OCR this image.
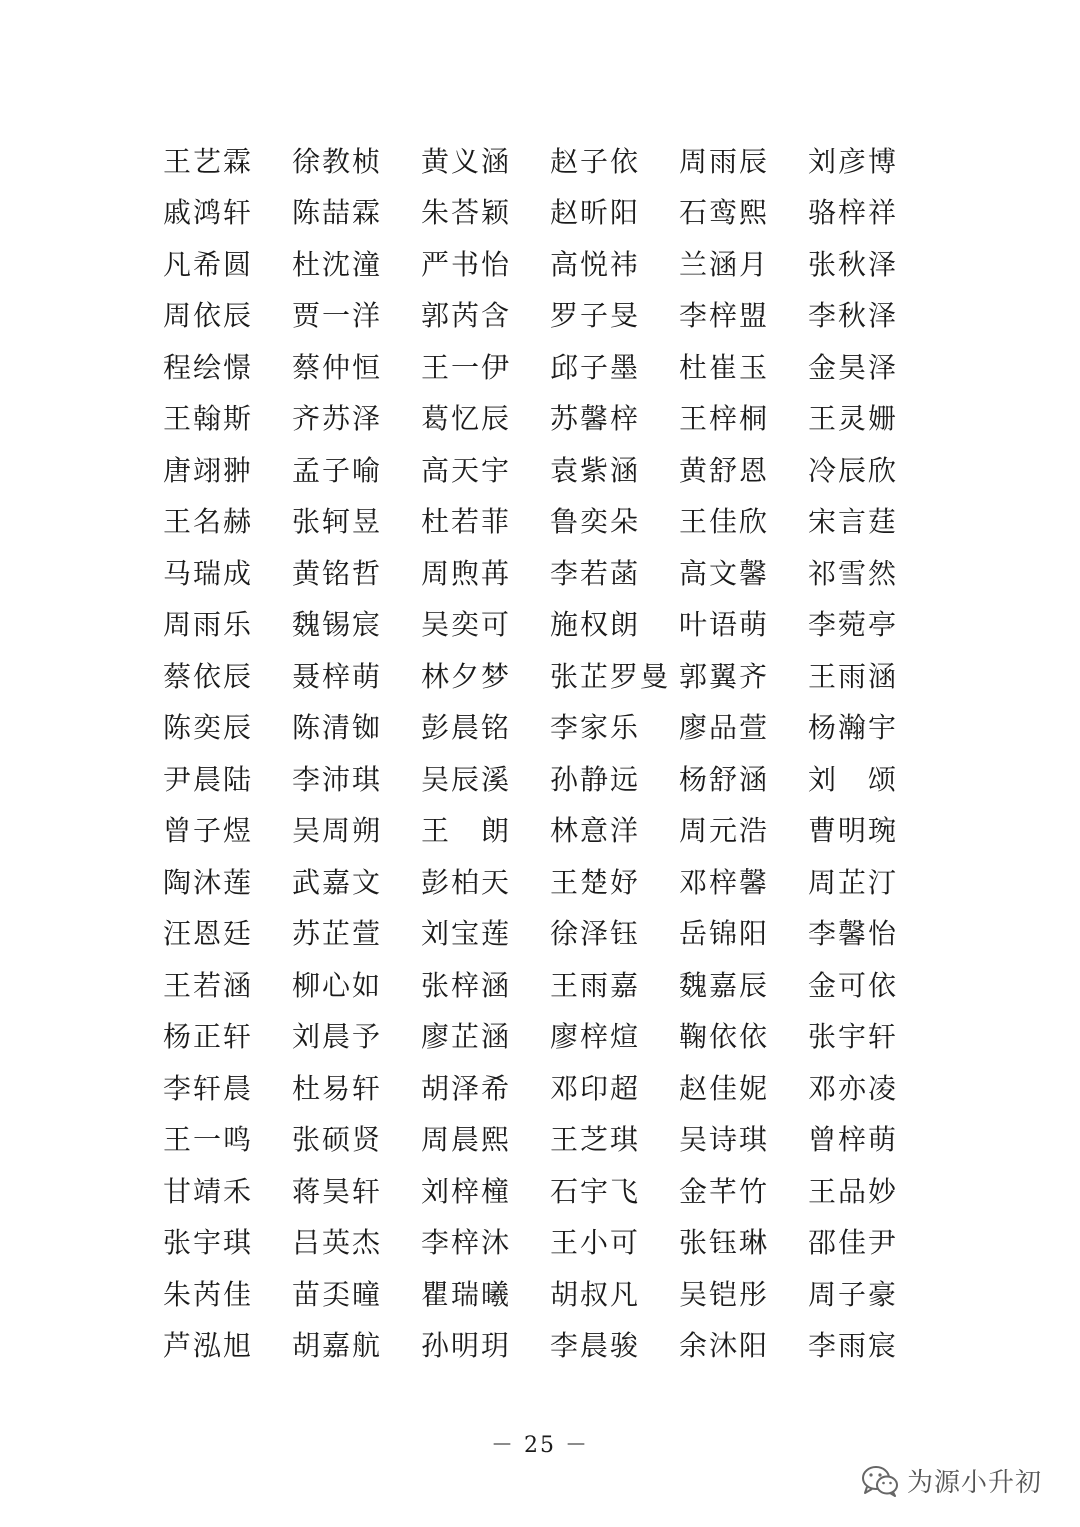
王艺霖	徐教桢	黄义涵	赵子依	周雨辰	刘彦博
戚鸿轩	陈喆霖	朱荅颖	赵昕阳	石鸾熙	骆梓祥
凡希圆	杜沈潼	严书怡	高悦祎	兰涵月	张秋泽
周依辰	贾一洋	郭芮含	罗子旻	李梓盟	李秋泽
程绘憬	蔡仲恒	王一伊	邱子墨	杜崔玉	金昊泽
王翰斯	齐苏泽	葛忆辰	苏馨梓	王梓桐	王灵姗
唐翊翀	孟子喻	高天宇	袁紫涵	黄舒恩	冷辰欣
王名赫	张轲昱	杜若菲	鲁奕朵	王佳欣	宋言莛
马瑞成	黄铭哲	周煦苒	李若菡	高文馨	祁雪然
周雨乐	魏锡宸	吴奕可	施权朗	叶语萌	李菀亭
蔡依辰	聂梓萌	林夕梦	张芷罗曼 郭翼齐	王雨涵
陈奕辰	陈清铷	彭晨铭	李家乐	廖品萱	杨瀚宇
尹晨陆	李沛琪	吴辰溪	孙静远	杨舒涵	刘　颂
曾子煜	吴周朔	王　朗	林意洋	周元浩	曹明琬
陶沐莲	武嘉文	彭柏天	王楚妤	邓梓馨	周芷汀
汪恩廷	苏芷萱	刘宝莲	徐泽钰	岳锦阳	李馨怡
王若涵	柳心如	张梓涵	王雨嘉	魏嘉辰	金可依
杨正轩	刘晨予	廖芷涵	廖梓煊	鞠依依	张宇轩
李轩晨	杜易轩	胡泽希	邓印超	赵佳妮	邓亦凌
王一鸣	张硕贤	周晨熙	王芝琪	吴诗琪	曾梓萌
甘靖禾	蒋昊轩	刘梓橦	石宇飞	金芊竹	王品妙
张宇琪	吕英杰	李梓沐	王小可	张钰琳	邵佳尹
朱芮佳	苗奀曈	瞿瑞曦	胡叔凡	吴铠彤	周子豪
芦泓旭	胡嘉航	孙明玥	李晨骏	余沐阳	李雨宸
－ 25 －
为源小升初
